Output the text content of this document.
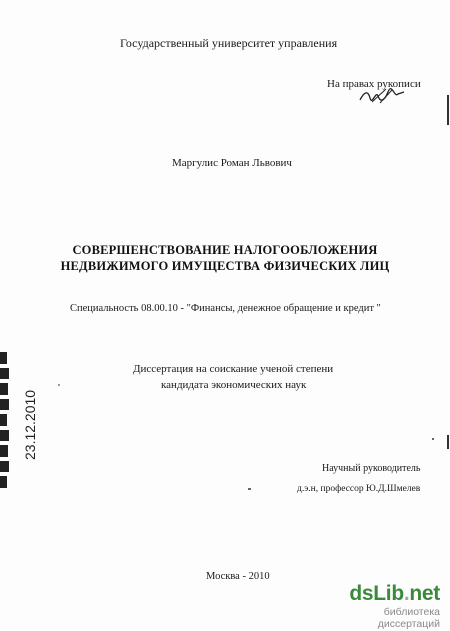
Государственный университет управления
На правах рукописи
Маргулис Роман Львович
СОВЕРШЕНСТВОВАНИЕ НАЛОГООБЛОЖЕНИЯ
НЕДВИЖИМОГО ИМУЩЕСТВА ФИЗИЧЕСКИХ ЛИЦ
Специальность 08.00.10 - "Финансы, денежное обращение и кредит "
Диссертация на соискание ученой степени
кандидата экономических наук
Научный руководитель
д.э.н, профессор Ю.Д.Шмелев
Москва - 2010
23.12.2010
dsLib.net
библиотека диссертаций
